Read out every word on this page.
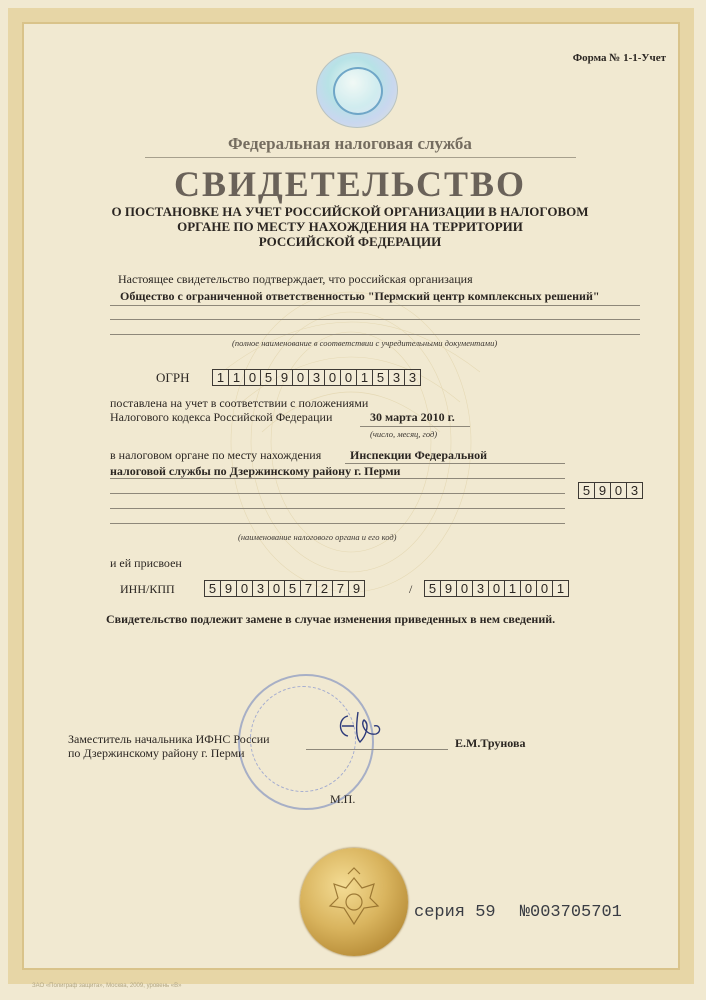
Форма № 1-1-Учет
Федеральная налоговая служба
СВИДЕТЕЛЬСТВО
О ПОСТАНОВКЕ НА УЧЕТ РОССИЙСКОЙ ОРГАНИЗАЦИИ В НАЛОГОВОМ
ОРГАНЕ ПО МЕСТУ НАХОЖДЕНИЯ НА ТЕРРИТОРИИ
РОССИЙСКОЙ ФЕДЕРАЦИИ
Настоящее свидетельство подтверждает, что российская организация
Общество с ограниченной ответственностью "Пермский центр комплексных решений"
(полное наименование в соответствии с учредительными документами)
ОГРН 1 1 0 5 9 0 3 0 0 1 5 3 3
поставлена на учет в соответствии с положениями
Налогового кодекса Российской Федерации	30 марта 2010 г.
(число, месяц, год)
в налоговом органе по месту нахождения Инспекции Федеральной
налоговой службы по Дзержинскому району г. Перми
5 9 0 3
(наименование налогового органа и его код)
и ей присвоен
ИНН/КПП	5 9 0 3 0 5 7 2 7 9	/ 5 9 0 3 0 1 0 0 1
Свидетельство подлежит замене в случае изменения приведенных в нем сведений.
Заместитель начальника ИФНС России
по Дзержинскому району г. Перми
Е.М.Трунова
М.П.
серия 59 №003705701
ЗАО «Полиграф защита», Москва, 2009, уровень «В»
